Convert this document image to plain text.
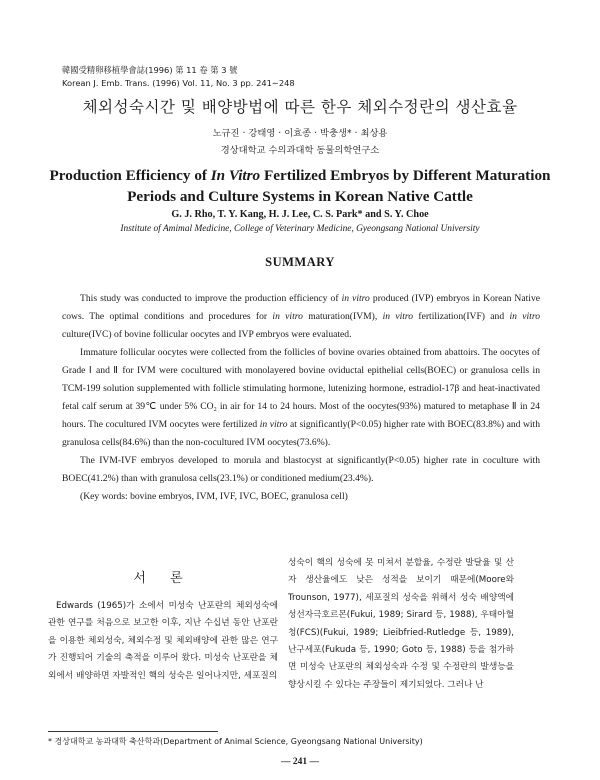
韓國受精卵移植學會誌(1996) 第 11 卷 第 3 號
Korean J. Emb. Trans. (1996) Vol. 11, No. 3 pp. 241∼248
체외성숙시간 및 배양방법에 따른 한우 체외수정란의 생산효율
노규진 · 강태영 · 이효종 · 박충생* · 최상용
경상대학교 수의과대학 동물의학연구소
Production Efficiency of In Vitro Fertilized Embryos by Different Maturation Periods and Culture Systems in Korean Native Cattle
G. J. Rho, T. Y. Kang, H. J. Lee, C. S. Park* and S. Y. Choe
Institute of Amimal Medicine, College of Veterinary Medicine, Gyeongsang National University
SUMMARY

This study was conducted to improve the production efficiency of in vitro produced (IVP) embryos in Korean Native cows. The optimal conditions and procedures for in vitro maturation(IVM), in vitro fertilization(IVF) and in vitro culture(IVC) of bovine follicular oocytes and IVP embryos were evaluated.

Immature follicular oocytes were collected from the follicles of bovine ovaries obtained from abattoirs. The oocytes of Grade Ⅰ and Ⅱ for IVM were cocultured with monolayered bovine oviductal epithelial cells(BOEC) or granulosa cells in TCM-199 solution supplemented with follicle stimulating hormone, lutenizing hormone, estradiol-17β and heat-inactivated fetal calf serum at 39℃ under 5% CO₂ in air for 14 to 24 hours. Most of the oocytes(93%) matured to metaphase Ⅱ in 24 hours. The cocultured IVM oocytes were fertilized in vitro at significantly(P<0.05) higher rate with BOEC(83.8%) and with granulosa cells(84.6%) than the non-cocultured IVM oocytes(73.6%).

The IVM-IVF embryos developed to morula and blastocyst at significantly(P<0.05) higher rate in coculture with BOEC(41.2%) than with granulosa cells(23.1%) or conditioned medium(23.4%).

(Key words: bovine embryos, IVM, IVF, IVC, BOEC, granulosa cell)

서 론

Edwards (1965)가 소에서 미성숙 난포란의 체외성숙에 관한 연구를 처음으로 보고한 이후, 지난 수십년 동안 난포란을 이용한 체외성숙, 체외수정 및 체외배양에 관한 많은 연구가 진행되어 기술의 축적을 이루어 왔다. 미성숙 난포란을 체외에서 배양하면 자발적인 핵의 성숙은 일어나지만, 세포질의

성숙이 핵의 성숙에 못 미쳐서 분할율, 수정란 발달율 및 산자 생산율에도 낮은 성적을 보이기 때문에(Moore와 Trounson, 1977), 세포질의 성숙을 위해서 성숙 배양액에 성선자극호르몬(Fukui, 1989; Sirard 등, 1988), 우태아혈청(FCS)(Fukui, 1989; Lieibfried-Rutledge 등, 1989), 난구세포(Fukuda 등, 1990; Goto 등, 1988) 등을 첨가하면 미성숙 난포란의 체외성숙과 수정 및 수정란의 발생능을 향상시킬 수 있다는 주장들이 제기되었다. 그러나 난

* 경상대학교 농과대학 축산학과(Department of Animal Science, Gyeongsang National University)
— 241 —
